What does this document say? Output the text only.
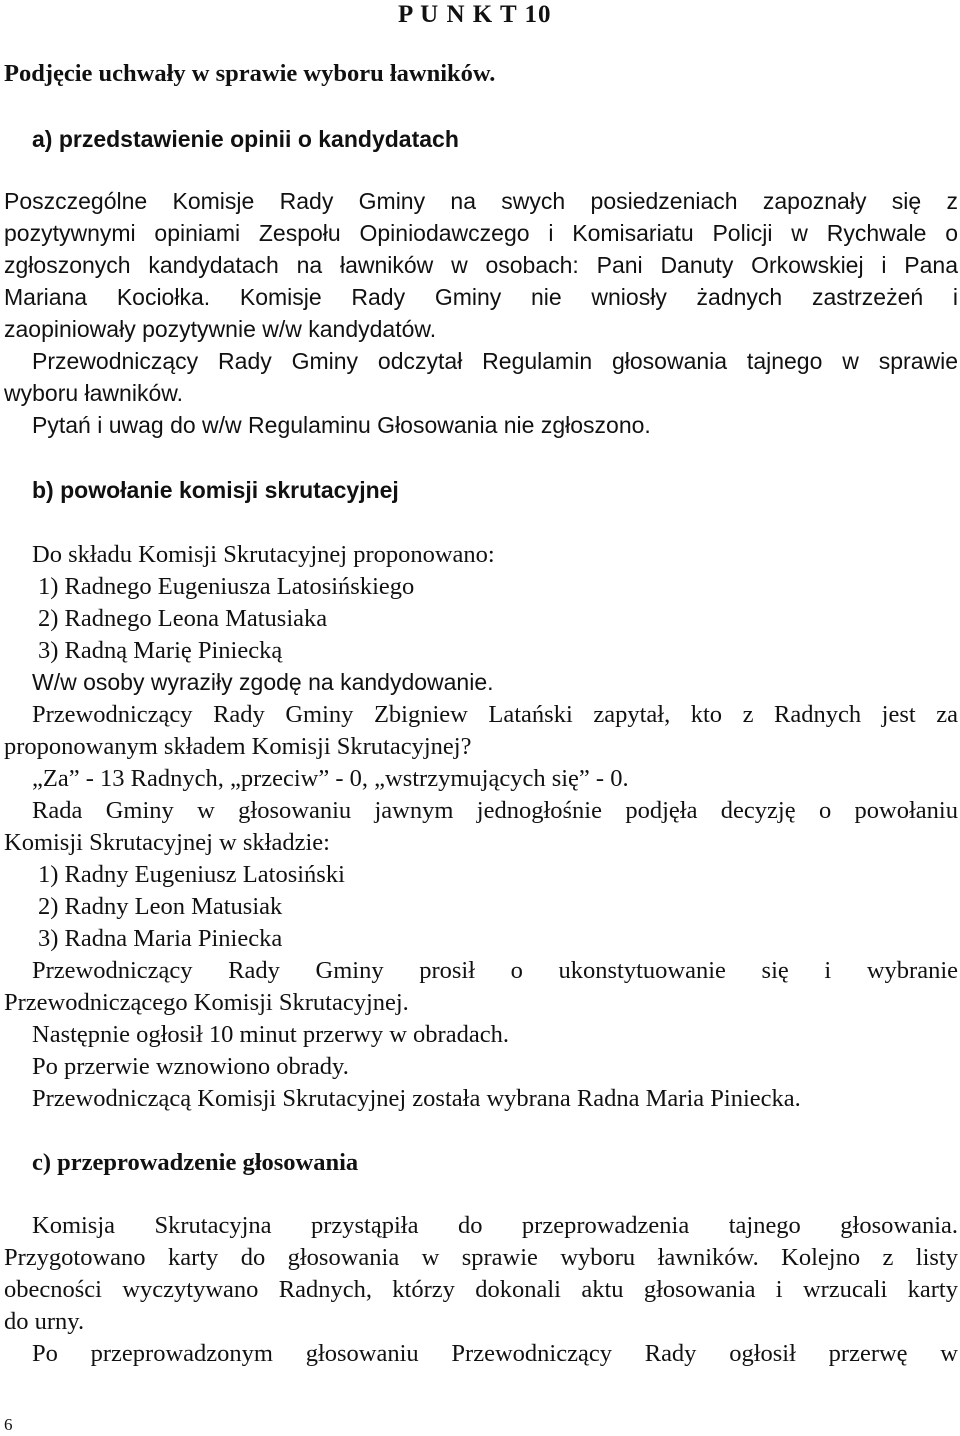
P U N K T 10
Podjęcie uchwały w sprawie wyboru ławników.
a) przedstawienie opinii o kandydatach
Poszczególne Komisje Rady Gminy na swych posiedzeniach zapoznały się z
pozytywnymi opiniami Zespołu Opiniodawczego i Komisariatu Policji w Rychwale o
zgłoszonych kandydatach na ławników w osobach: Pani Danuty Orkowskiej i Pana
Mariana Kociołka. Komisje Rady Gminy nie wniosły żadnych zastrzeżeń i
zaopiniowały pozytywnie w/w kandydatów.
Przewodniczący Rady Gminy odczytał Regulamin głosowania tajnego w sprawie
wyboru ławników.
Pytań i uwag do w/w Regulaminu Głosowania nie zgłoszono.
b) powołanie komisji skrutacyjnej
Do składu Komisji Skrutacyjnej proponowano:
1) Radnego Eugeniusza Latosińskiego
2) Radnego Leona Matusiaka
3) Radną Marię Piniecką
W/w osoby wyraziły zgodę na kandydowanie.
Przewodniczący Rady Gminy Zbigniew Latański zapytał, kto z Radnych jest za
proponowanym składem Komisji Skrutacyjnej?
„Za” - 13 Radnych, „przeciw” - 0, „wstrzymujących się” - 0.
Rada Gminy w głosowaniu jawnym jednogłośnie podjęła decyzję o powołaniu
Komisji Skrutacyjnej w składzie:
1) Radny Eugeniusz Latosiński
2) Radny Leon Matusiak
3) Radna Maria Piniecka
Przewodniczący Rady Gminy prosił o ukonstytuowanie się i wybranie
Przewodniczącego Komisji Skrutacyjnej.
Następnie ogłosił 10 minut przerwy w obradach.
Po przerwie wznowiono obrady.
Przewodniczącą Komisji Skrutacyjnej została wybrana Radna Maria Piniecka.
c) przeprowadzenie głosowania
Komisja Skrutacyjna przystąpiła do przeprowadzenia tajnego głosowania.
Przygotowano karty do głosowania w sprawie wyboru ławników. Kolejno z listy
obecności wyczytywano Radnych, którzy dokonali aktu głosowania i wrzucali karty
do urny.
Po przeprowadzonym głosowaniu Przewodniczący Rady ogłosił przerwę w
6
